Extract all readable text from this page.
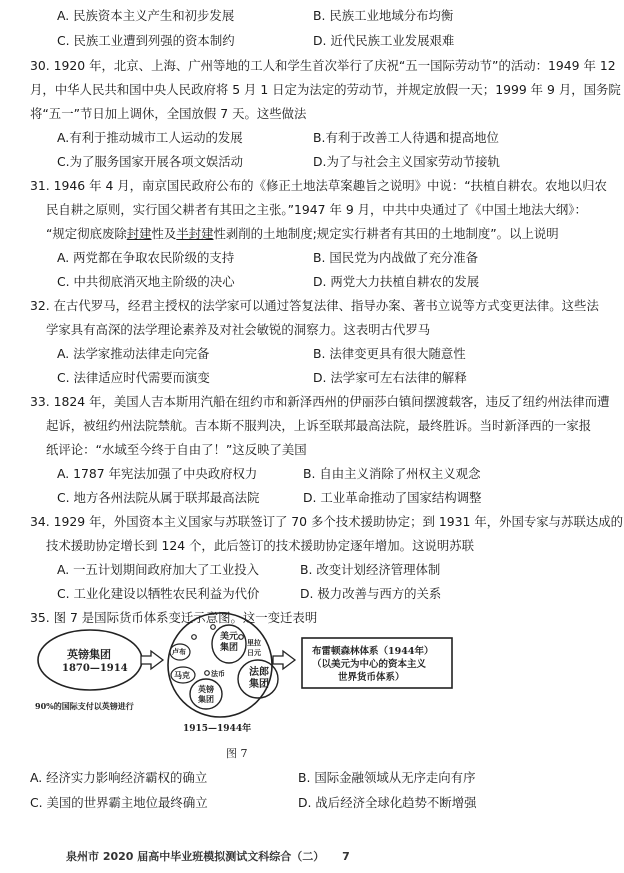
A. 民族资本主义产生和初步发展	B. 民族工业地域分布均衡
C. 民族工业遭到列强的资本制约	D. 近代民族工业发展艰难
30. 1920 年，北京、上海、广州等地的工人和学生首次举行了庆祝“五一国际劳动节”的活动：1949 年 12
月，中华人民共和国中央人民政府将 5 月 1 日定为法定的劳动节，并规定放假一天；1999 年 9 月，国务院
将“五一”节日加上调休，全国放假 7 天。这些做法
A.有利于推动城市工人运动的发展	B.有利于改善工人待遇和提高地位
C.为了服务国家开展各项文娱活动	D.为了与社会主义国家劳动节接轨
31. 1946 年 4 月，南京国民政府公布的《修正土地法草案趣旨之说明》中说：“扶植自耕农。农地以归农
民自耕之原则，实行国父耕者有其田之主张。”1947 年 9 月，中共中央通过了《中国土地法大纲》：
“规定彻底废除封建性及半封建性剥削的土地制度;规定实行耕者有其田的土地制度”。以上说明
A. 两党都在争取农民阶级的支持	B. 国民党为内战做了充分准备
C. 中共彻底消灭地主阶级的决心	D. 两党大力扶植自耕农的发展
32. 在古代罗马，经君主授权的法学家可以通过答复法律、指导办案、著书立说等方式变更法律。这些法
学家具有高深的法学理论素养及对社会敏锐的洞察力。这表明古代罗马
A. 法学家推动法律走向完备	B. 法律变更具有很大随意性
C. 法律适应时代需要而演变	D. 法学家可左右法律的解释
33. 1824 年，美国人吉本斯用汽船在纽约市和新泽西州的伊丽莎白镇间摆渡载客，违反了纽约州法律而遭
起诉，被纽约州法院禁航。吉本斯不服判决，上诉至联邦最高法院，最终胜诉。当时新泽西的一家报
纸评论：“水域至今终于自由了！”这反映了美国
A. 1787 年宪法加强了中央政府权力	B. 自由主义消除了州权主义观念
C. 地方各州法院从属于联邦最高法院	D. 工业革命推动了国家结构调整
34. 1929 年，外国资本主义国家与苏联签订了 70 多个技术援助协定；到 1931 年，外国专家与苏联达成的
技术援助协定增长到 124 个，此后签订的技术援助协定逐年增加。这说明苏联
A. 一五计划期间政府加大了工业投入	B. 改变计划经济管理体制
C. 工业化建设以牺牲农民利益为代价	D. 极力改善与西方的关系
35. 图 7 是国际货币体系变迁示意图。这一变迁表明
英镑集团
1870—1914
90%的国际支付以英镑进行
美元集团
卢布
马克
英镑集团
法郎集团
里拉
日元
法币
1915—1944年
布雷顿森林体系（1944年）
（以美元为中心的资本主义
世界货币体系）
图 7
A. 经济实力影响经济霸权的确立	B. 国际金融领域从无序走向有序
C. 美国的世界霸主地位最终确立	D. 战后经济全球化趋势不断增强
泉州市 2020 届高中毕业班模拟测试文科综合（二） 7
